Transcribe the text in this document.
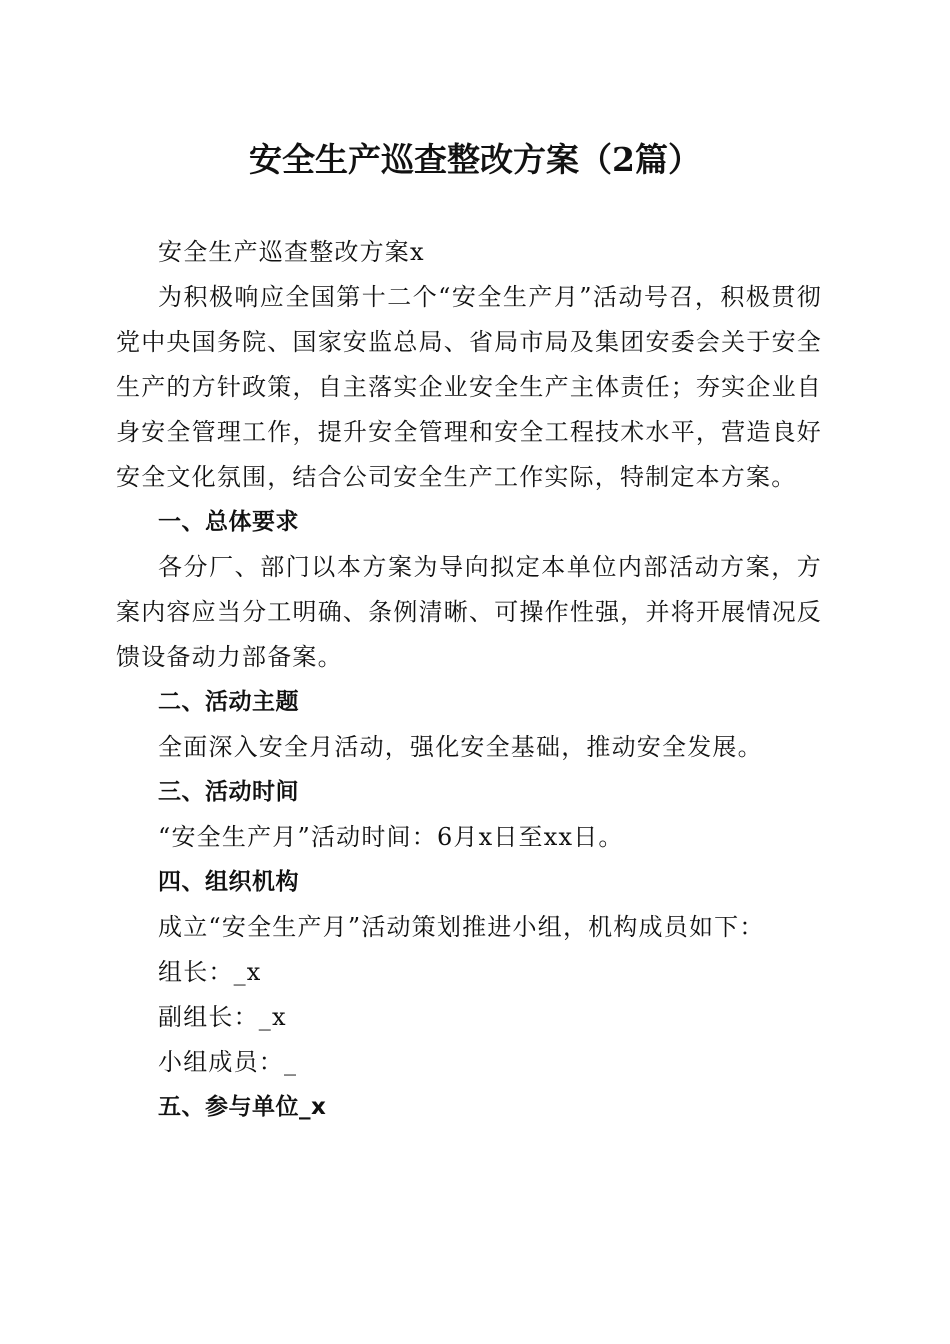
安全生产巡查整改方案（2篇）

安全生产巡查整改方案x

为积极响应全国第十二个“安全生产月”活动号召，积极贯彻党中央国务院、国家安监总局、省局市局及集团安委会关于安全生产的方针政策，自主落实企业安全生产主体责任；夯实企业自身安全管理工作，提升安全管理和安全工程技术水平，营造良好安全文化氛围，结合公司安全生产工作实际，特制定本方案。

一、总体要求

各分厂、部门以本方案为导向拟定本单位内部活动方案，方案内容应当分工明确、条例清晰、可操作性强，并将开展情况反馈设备动力部备案。

二、活动主题

全面深入安全月活动，强化安全基础，推动安全发展。

三、活动时间

“安全生产月”活动时间：6月x日至xx日。

四、组织机构

成立“安全生产月”活动策划推进小组，机构成员如下：

组长：_x

副组长：_x

小组成员：_

五、参与单位_x
